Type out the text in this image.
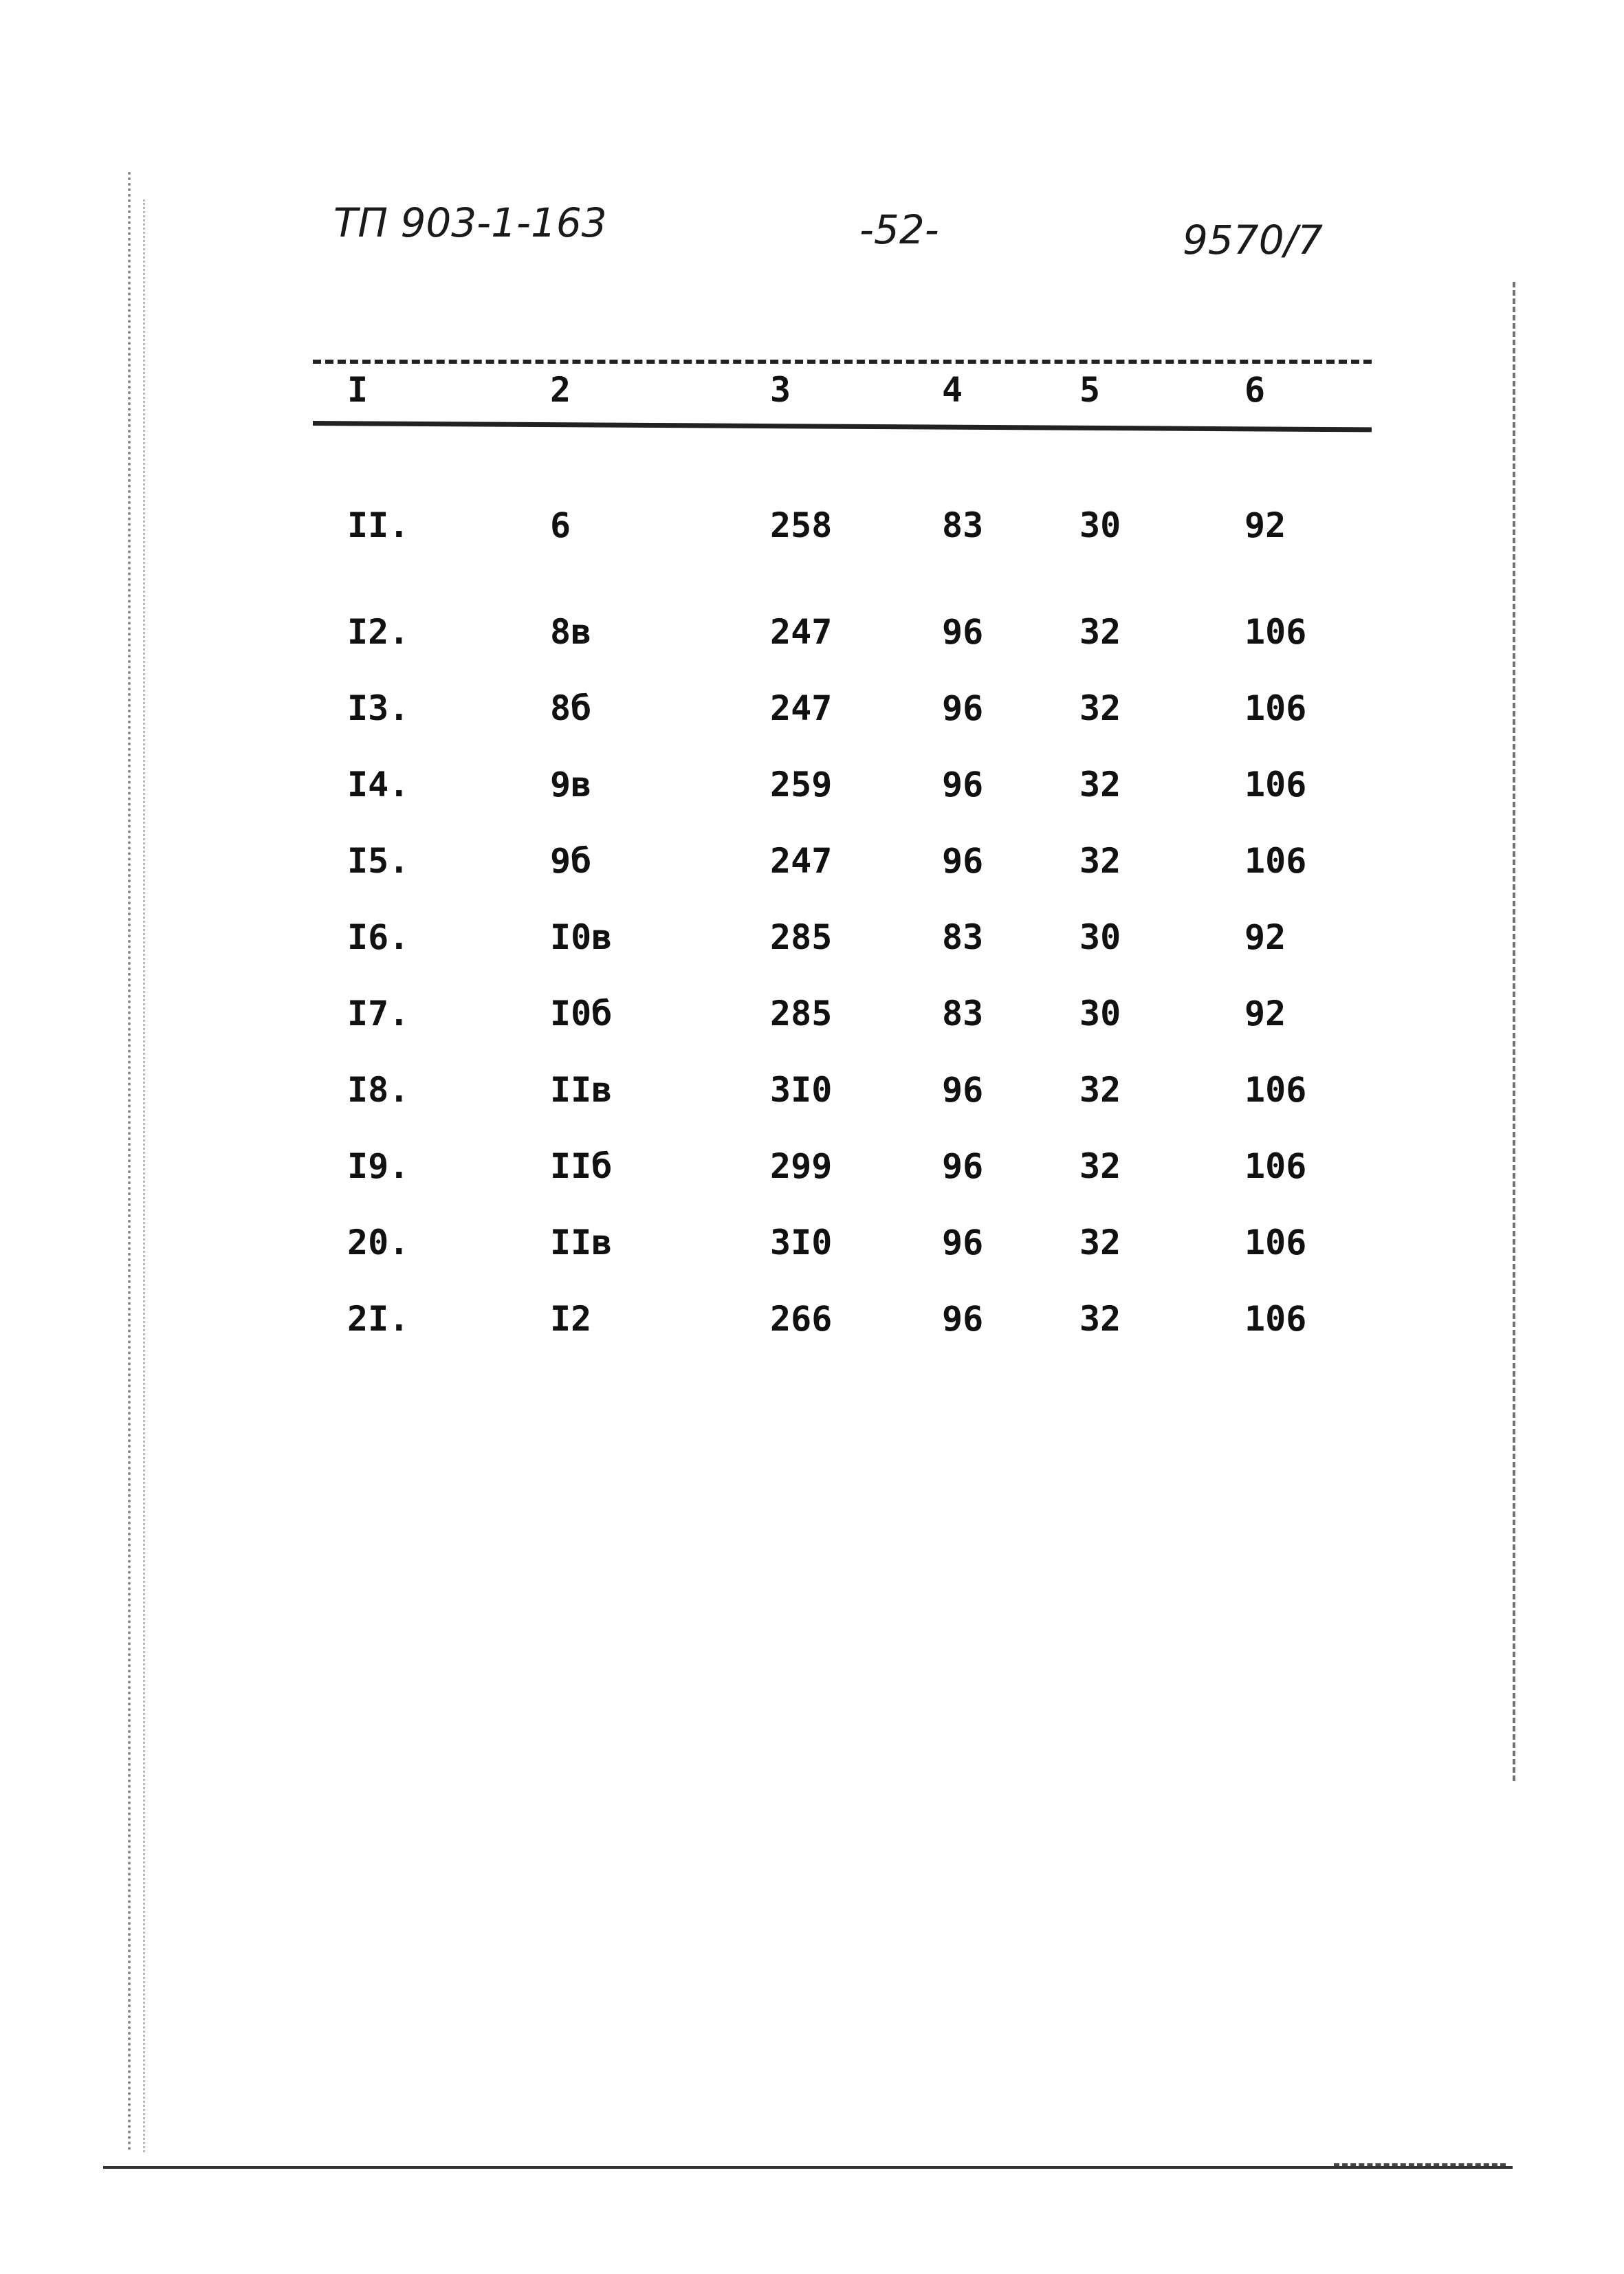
ТП 903-1-163	-52-	9570/7
I	2	3	4	5	6
II.	6	258	83	30	92
I2.	8в	247	96	32	106
I3.	8б	247	96	32	106
I4.	9в	259	96	32	106
I5.	9б	247	96	32	106
I6.	I0в	285	83	30	92
I7.	I0б	285	83	30	92
I8.	IIв	3I0	96	32	106
I9.	IIб	299	96	32	106
20.	IIв	3I0	96	32	106
2I.	I2	266	96	32	106
